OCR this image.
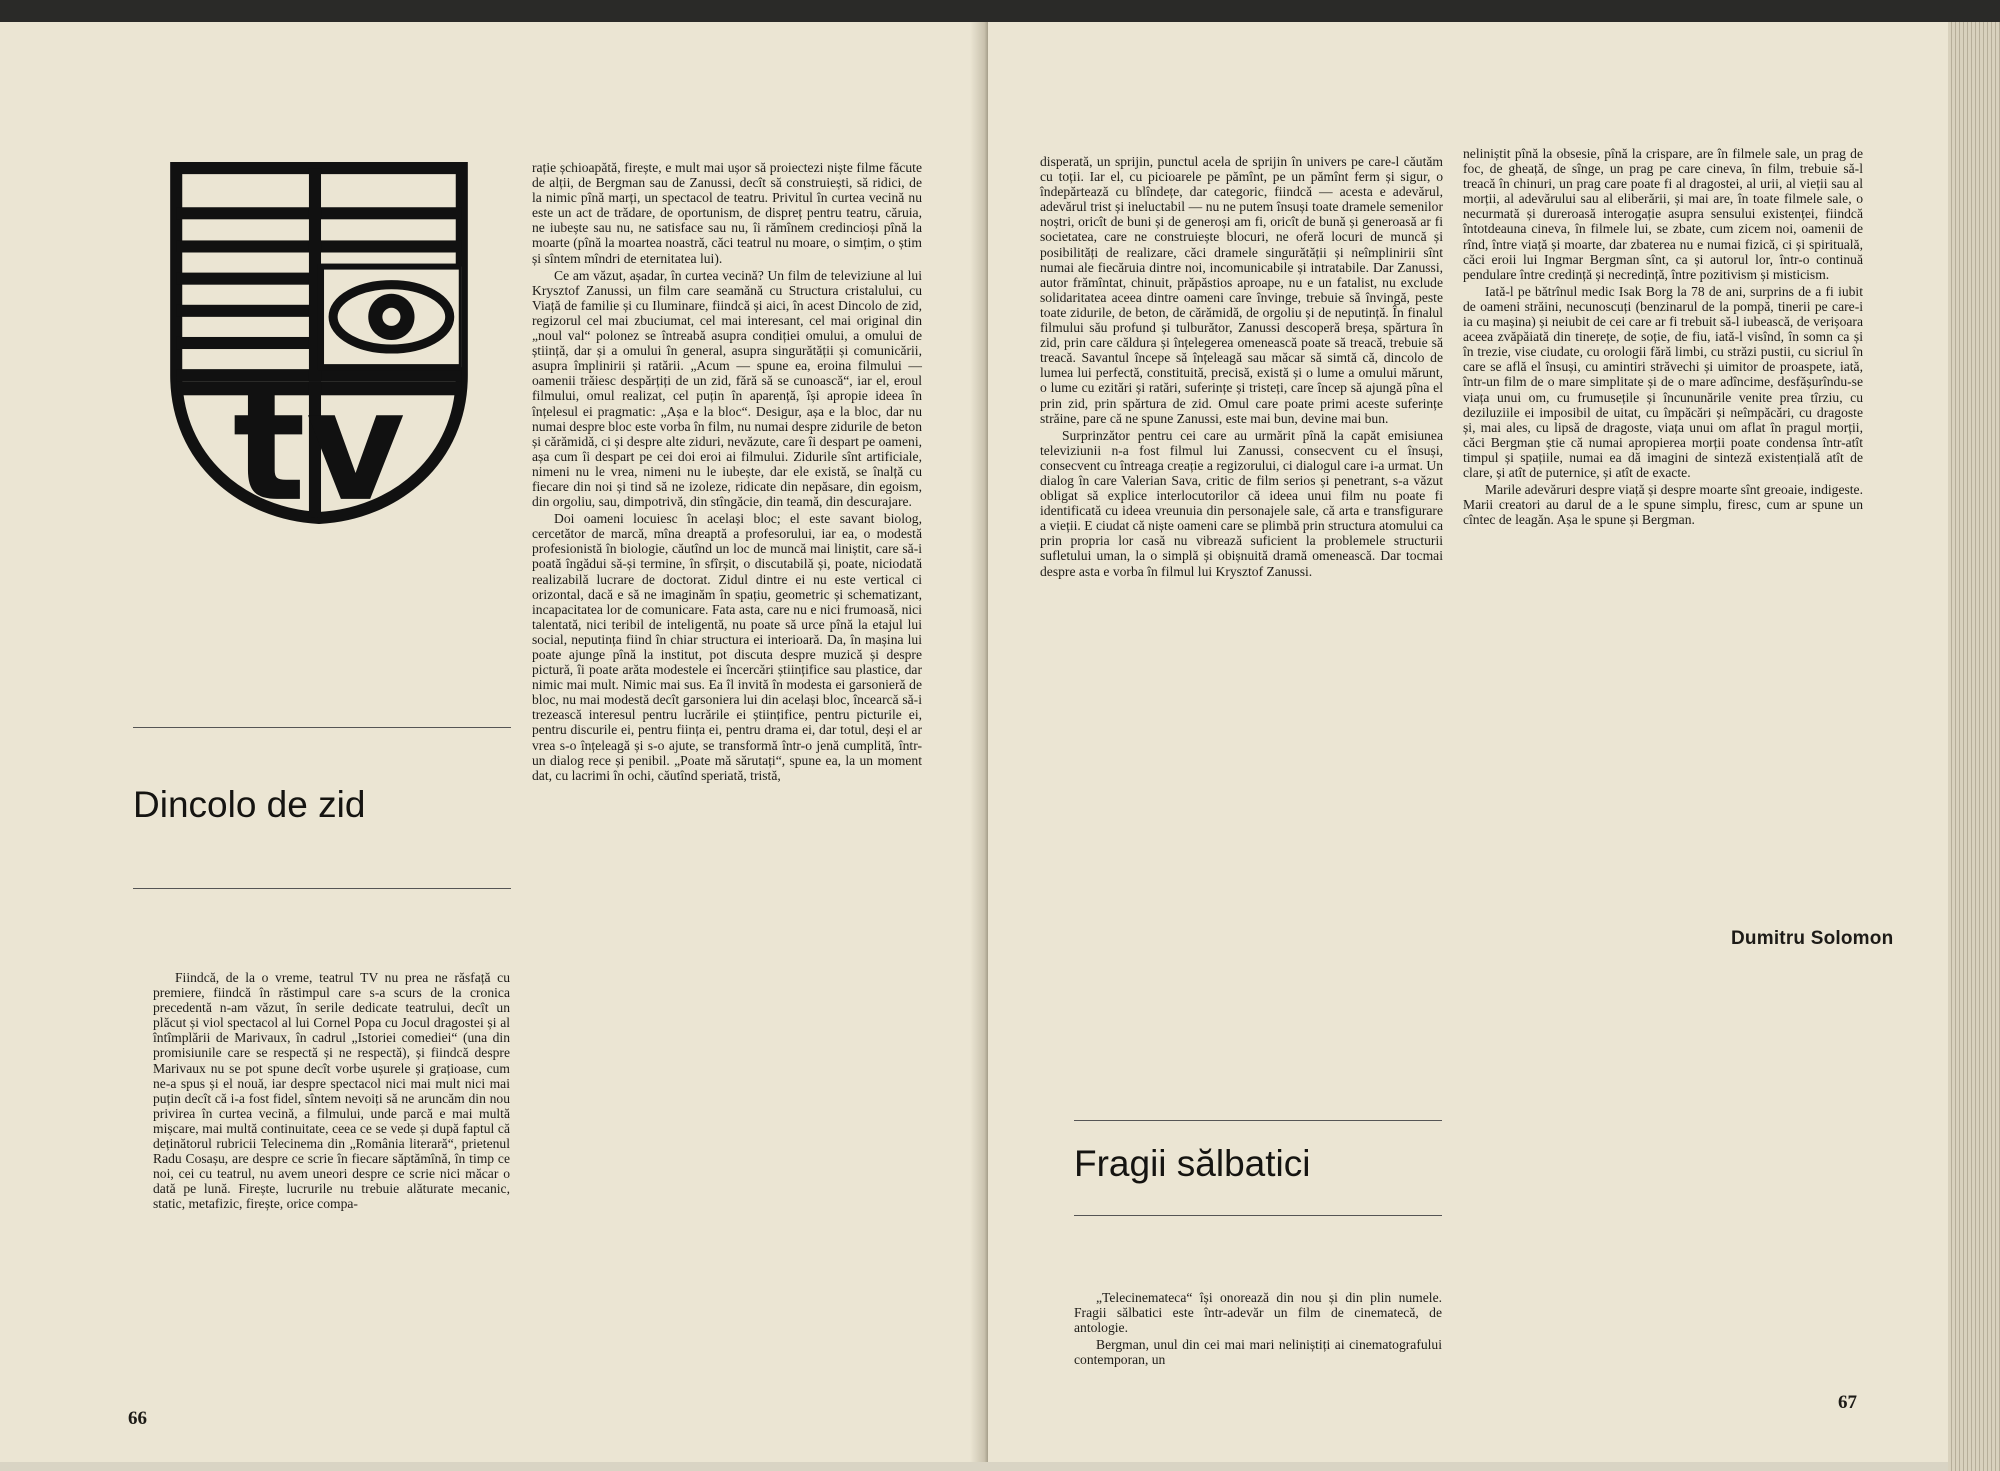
tv
Dincolo de zid

Fiindcă, de la o vreme, teatrul TV nu prea ne răsfață cu premiere, fiindcă în răstimpul care s-a scurs de la cronica precedentă n-am văzut, în serile dedicate teatrului, decît un plăcut și viol spectacol al lui Cornel Popa cu Jocul dragostei și al întîmplării de Marivaux, în cadrul „Istoriei comediei“ (una din promisiunile care se respectă și ne respectă), și fiindcă despre Marivaux nu se pot spune decît vorbe ușurele și grațioase, cum ne-a spus și el nouă, iar despre spectacol nici mai mult nici mai puțin decît că i-a fost fidel, sîntem nevoiți să ne aruncăm din nou privirea în curtea vecină, a filmului, unde parcă e mai multă mișcare, mai multă continuitate, ceea ce se vede și după faptul că deținătorul rubricii Telecinema din „România literară“, prietenul Radu Cosașu, are despre ce scrie în fiecare săptămînă, în timp ce noi, cei cu teatrul, nu avem uneori despre ce scrie nici măcar o dată pe lună. Firește, lucrurile nu trebuie alăturate mecanic, static, metafizic, firește, orice compa-

rație șchioapătă, firește, e mult mai ușor să proiectezi niște filme făcute de alții, de Bergman sau de Zanussi, decît să construiești, să ridici, de la nimic pînă marți, un spectacol de teatru. Privitul în curtea vecină nu este un act de trădare, de oportunism, de dispreț pentru teatru, căruia, ne iubește sau nu, ne satisface sau nu, îi rămînem credincioși pînă la moarte (pînă la moartea noastră, căci teatrul nu moare, o simțim, o știm și sîntem mîndri de eternitatea lui).

Ce am văzut, așadar, în curtea vecină? Un film de televiziune al lui Krysztof Zanussi, un film care seamănă cu Structura cristalului, cu Viață de familie și cu Iluminare, fiindcă și aici, în acest Dincolo de zid, regizorul cel mai zbuciumat, cel mai interesant, cel mai original din „noul val“ polonez se întreabă asupra condiției omului, a omului de știință, dar și a omului în general, asupra singurătății și comunicării, asupra împlinirii și ratării. „Acum — spune ea, eroina filmului — oamenii trăiesc despărțiți de un zid, fără să se cunoască“, iar el, eroul filmului, omul realizat, cel puțin în aparență, își apropie ideea în înțelesul ei pragmatic: „Așa e la bloc“. Desigur, așa e la bloc, dar nu numai despre bloc este vorba în film, nu numai despre zidurile de beton și cărămidă, ci și despre alte ziduri, nevăzute, care îi despart pe oameni, așa cum îi despart pe cei doi eroi ai filmului. Zidurile sînt artificiale, nimeni nu le vrea, nimeni nu le iubește, dar ele există, se înalță cu fiecare din noi și tind să ne izoleze, ridicate din nepăsare, din egoism, din orgoliu, sau, dimpotrivă, din stîngăcie, din teamă, din descurajare.

Doi oameni locuiesc în același bloc; el este savant biolog, cercetător de marcă, mîna dreaptă a profesorului, iar ea, o modestă profesionistă în biologie, căutînd un loc de muncă mai liniștit, care să-i poată îngădui să-și termine, în sfîrșit, o discutabilă și, poate, niciodată realizabilă lucrare de doctorat. Zidul dintre ei nu este vertical ci orizontal, dacă e să ne imaginăm în spațiu, geometric și schematizant, incapacitatea lor de comunicare. Fata asta, care nu e nici frumoasă, nici talentată, nici teribil de inteligentă, nu poate să urce pînă la etajul lui social, neputința fiind în chiar structura ei interioară. Da, în mașina lui poate ajunge pînă la institut, pot discuta despre muzică și despre pictură, îi poate arăta modestele ei încercări științifice sau plastice, dar nimic mai mult. Nimic mai sus. Ea îl invită în modesta ei garsonieră de bloc, nu mai modestă decît garsoniera lui din același bloc, încearcă să-i trezească interesul pentru lucrările ei științifice, pentru picturile ei, pentru discurile ei, pentru ființa ei, pentru drama ei, dar totul, deși el ar vrea s-o înțeleagă și s-o ajute, se transformă într-o jenă cumplită, într-un dialog rece și penibil. „Poate mă sărutați“, spune ea, la un moment dat, cu lacrimi în ochi, căutînd speriată, tristă,

66

disperată, un sprijin, punctul acela de sprijin în univers pe care-l căutăm cu toții. Iar el, cu picioarele pe pămînt, pe un pămînt ferm și sigur, o îndepărtează cu blîndețe, dar categoric, fiindcă — acesta e adevărul, adevărul trist și ineluctabil — nu ne putem însuși toate dramele semenilor noștri, oricît de buni și de generoși am fi, oricît de bună și generoasă ar fi societatea, care ne construiește blocuri, ne oferă locuri de muncă și posibilități de realizare, căci dramele singurătății și neîmplinirii sînt numai ale fiecăruia dintre noi, incomunicabile și intratabile. Dar Zanussi, autor frămîntat, chinuit, prăpăstios aproape, nu e un fatalist, nu exclude solidaritatea aceea dintre oameni care învinge, trebuie să învingă, peste toate zidurile, de beton, de cărămidă, de orgoliu și de neputință. În finalul filmului său profund și tulburător, Zanussi descoperă breșa, spărtura în zid, prin care căldura și înțelegerea omenească poate să treacă, trebuie să treacă. Savantul începe să înțeleagă sau măcar să simtă că, dincolo de lumea lui perfectă, constituită, precisă, există și o lume a omului mărunt, o lume cu ezitări și ratări, suferințe și tristeți, care încep să ajungă pîna el prin zid, prin spărtura de zid. Omul care poate primi aceste suferințe străine, pare că ne spune Zanussi, este mai bun, devine mai bun.

Surprinzător pentru cei care au urmărit pînă la capăt emisiunea televiziunii n-a fost filmul lui Zanussi, consecvent cu el însuși, consecvent cu întreaga creație a regizorului, ci dialogul care i-a urmat. Un dialog în care Valerian Sava, critic de film serios și penetrant, s-a văzut obligat să explice interlocutorilor că ideea unui film nu poate fi identificată cu ideea vreunuia din personajele sale, că arta e transfigurare a vieții. E ciudat că niște oameni care se plimbă prin structura atomului ca prin propria lor casă nu vibrează suficient la problemele structurii sufletului uman, la o simplă și obișnuită dramă omenească. Dar tocmai despre asta e vorba în filmul lui Krysztof Zanussi.

Fragii sălbatici

„Telecinemateca“ își onorează din nou și din plin numele. Fragii sălbatici este într-adevăr un film de cinematecă, de antologie.

Bergman, unul din cei mai mari neliniștiți ai cinematografului contemporan, un

neliniștit pînă la obsesie, pînă la crispare, are în filmele sale, un prag de foc, de gheață, de sînge, un prag pe care cineva, în film, trebuie să-l treacă în chinuri, un prag care poate fi al dragostei, al urii, al vieții sau al morții, al adevărului sau al eliberării, și mai are, în toate filmele sale, o necurmată și dureroasă interogație asupra sensului existenței, fiindcă întotdeauna cineva, în filmele lui, se zbate, cum zicem noi, oamenii de rînd, între viață și moarte, dar zbaterea nu e numai fizică, ci și spirituală, căci eroii lui Ingmar Bergman sînt, ca și autorul lor, într-o continuă pendulare între credință și necredință, între pozitivism și misticism.

Iată-l pe bătrînul medic Isak Borg la 78 de ani, surprins de a fi iubit de oameni străini, necunoscuți (benzinarul de la pompă, tinerii pe care-i ia cu mașina) și neiubit de cei care ar fi trebuit să-l iubească, de verișoara aceea zvăpăiată din tinerețe, de soție, de fiu, iată-l visînd, în somn ca și în trezie, vise ciudate, cu orologii fără limbi, cu străzi pustii, cu sicriul în care se află el însuși, cu amintiri străvechi și uimitor de proaspete, iată, într-un film de o mare simplitate și de o mare adîncime, desfășurîndu-se viața unui om, cu frumusețile și încununările venite prea tîrziu, cu deziluziile ei imposibil de uitat, cu împăcări și neîmpăcări, cu dragoste și, mai ales, cu lipsă de dragoste, viața unui om aflat în pragul morții, căci Bergman știe că numai apropierea morții poate condensa într-atît timpul și spațiile, numai ea dă imagini de sinteză existențială atît de clare, și atît de puternice, și atît de exacte.

Marile adevăruri despre viață și despre moarte sînt greoaie, indigeste. Marii creatori au darul de a le spune simplu, firesc, cum ar spune un cîntec de leagăn. Așa le spune și Bergman.

Dumitru Solomon
67
